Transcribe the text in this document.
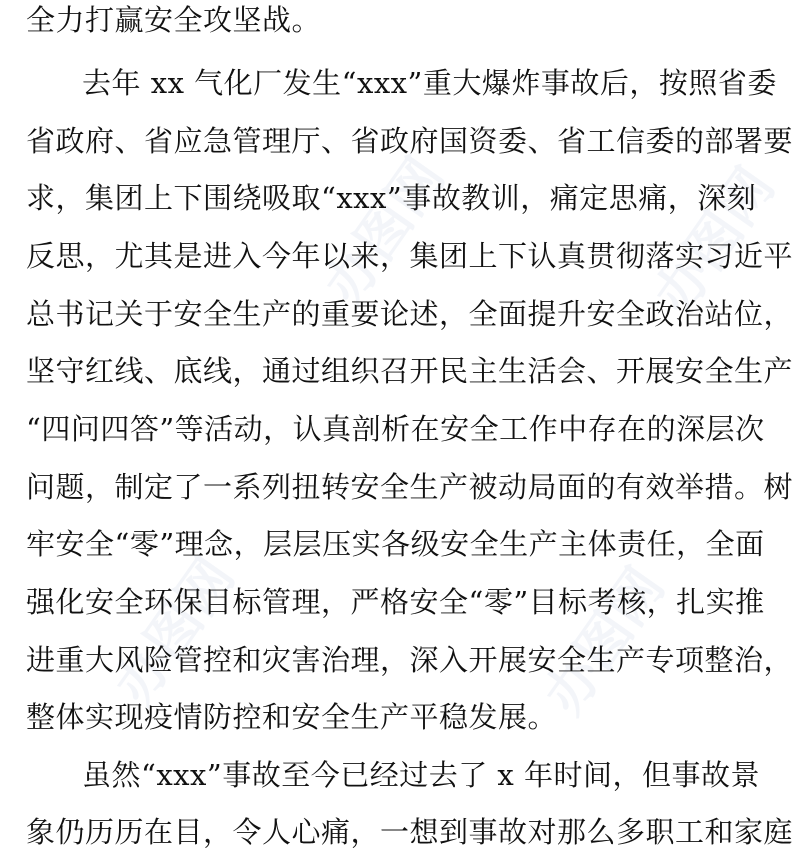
办图网	办图网
办图网	办图网
全力打赢安全攻坚战。
去年 xx 气化厂发生“xxx”重大爆炸事故后，按照省委
省政府、省应急管理厅、省政府国资委、省工信委的部署要
求，集团上下围绕吸取“xxx”事故教训，痛定思痛，深刻
反思，尤其是进入今年以来，集团上下认真贯彻落实习近平
总书记关于安全生产的重要论述，全面提升安全政治站位，
坚守红线、底线，通过组织召开民主生活会、开展安全生产
“四问四答”等活动，认真剖析在安全工作中存在的深层次
问题，制定了一系列扭转安全生产被动局面的有效举措。树
牢安全“零”理念，层层压实各级安全生产主体责任，全面
强化安全环保目标管理，严格安全“零”目标考核，扎实推
进重大风险管控和灾害治理，深入开展安全生产专项整治，
整体实现疫情防控和安全生产平稳发展。
虽然“xxx”事故至今已经过去了 x 年时间，但事故景
象仍历历在目，令人心痛，一想到事故对那么多职工和家庭
